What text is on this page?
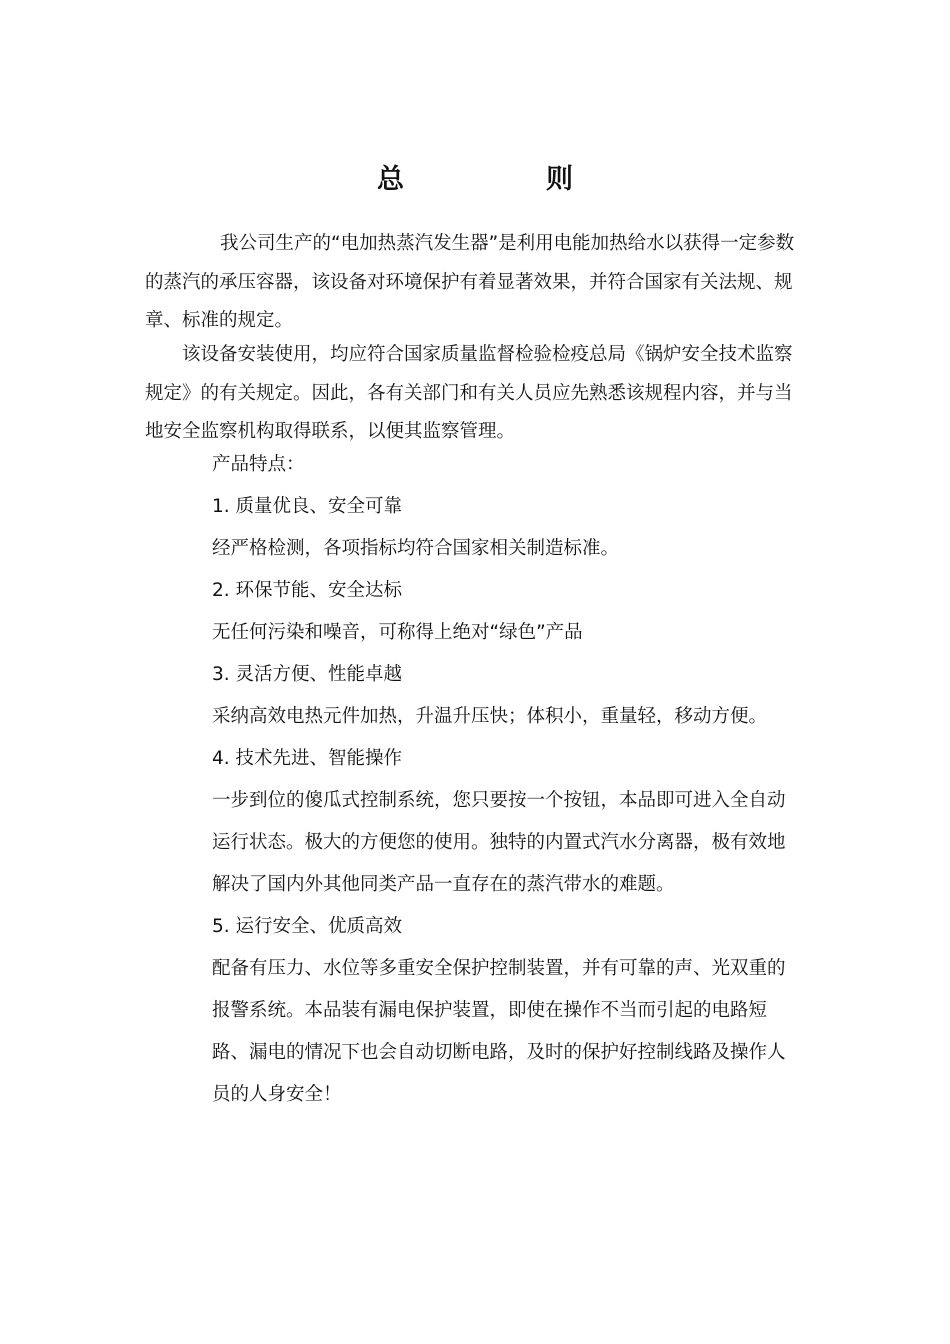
总	则

我公司生产的“电加热蒸汽发生器”是利用电能加热给水以获得一定参数的蒸汽的承压容器，该设备对环境保护有着显著效果，并符合国家有关法规、规章、标准的规定。

该设备安装使用，均应符合国家质量监督检验检疫总局《锅炉安全技术监察规定》的有关规定。因此，各有关部门和有关人员应先熟悉该规程内容，并与当地安全监察机构取得联系，以便其监察管理。

产品特点：

1. 质量优良、安全可靠

经严格检测，各项指标均符合国家相关制造标准。

2. 环保节能、安全达标

无任何污染和噪音，可称得上绝对“绿色”产品

3. 灵活方便、性能卓越

采纳高效电热元件加热，升温升压快；体积小，重量轻，移动方便。

4. 技术先进、智能操作

一步到位的傻瓜式控制系统，您只要按一个按钮，本品即可进入全自动运行状态。极大的方便您的使用。独特的内置式汽水分离器，极有效地解决了国内外其他同类产品一直存在的蒸汽带水的难题。

5. 运行安全、优质高效

配备有压力、水位等多重安全保护控制装置，并有可靠的声、光双重的报警系统。本品装有漏电保护装置，即使在操作不当而引起的电路短路、漏电的情况下也会自动切断电路，及时的保护好控制线路及操作人员的人身安全！
